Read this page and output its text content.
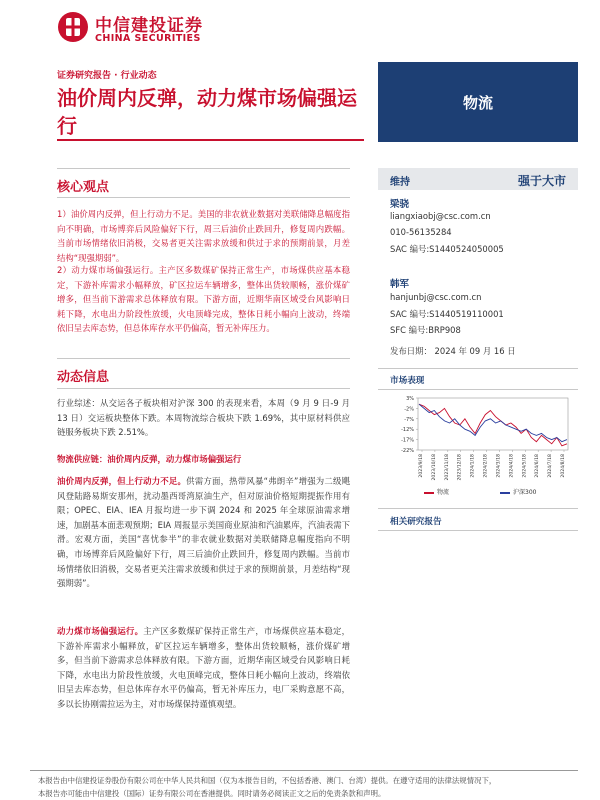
中信建投证券
CHINA SECURITIES
证券研究报告 · 行业动态
油价周内反弹，动力煤市场偏强运行
物流
核心观点
1）油价周内反弹，但上行动力不足。美国的非农就业数据对美联储降息幅度指向不明确，市场博弈后风险偏好下行，周三后油价止跌回升，修复周内跌幅。当前市场情绪依旧消极，交易者更关注需求放缓和供过于求的预期前景，月差结构“现强期弱”。
2）动力煤市场偏强运行。主产区多数煤矿保持正常生产，市场煤供应基本稳定，下游补库需求小幅释放，矿区拉运车辆增多，整体出货较顺畅，涨价煤矿增多，但当前下游需求总体释放有限。下游方面，近期华南区域受台风影响日耗下降，水电出力阶段性放缓，火电顶峰完成，整体日耗小幅向上波动，终端依旧呈去库态势，但总体库存水平仍偏高，暂无补库压力。
动态信息
行业综述：从交运各子板块相对沪深 300 的表现来看，本周（9 月 9 日-9 月 13 日）交运板块整体下跌。本周物流综合板块下跌 1.69%，其中原材料供应链服务板块下跌 2.51%。
物流供应链：油价周内反弹，动力煤市场偏强运行
油价周内反弹，但上行动力不足。供需方面，热带风暴“弗朗辛”增强为二级飓风登陆路易斯安那州，扰动墨西哥湾原油生产，但对原油价格短期提振作用有限；OPEC、EIA、IEA 月报均进一步下调 2024 和 2025 年全球原油需求增速，加剧基本面悲观预期；EIA 周报显示美国商业原油和汽油累库，汽油表需下滑。宏观方面，美国“喜忧参半”的非农就业数据对美联储降息幅度指向不明确，市场博弈后风险偏好下行，周三后油价止跌回升，修复周内跌幅。当前市场情绪依旧消极，交易者更关注需求放缓和供过于求的预期前景，月差结构“现强期弱”。
动力煤市场偏强运行。主产区多数煤矿保持正常生产，市场煤供应基本稳定，下游补库需求小幅释放，矿区拉运车辆增多，整体出货较顺畅，涨价煤矿增多，但当前下游需求总体释放有限。下游方面，近期华南区域受台风影响日耗下降，水电出力阶段性放缓，火电顶峰完成，整体日耗小幅向上波动，终端依旧呈去库态势，但总体库存水平仍偏高，暂无补库压力，电厂采购意愿不高，多以长协刚需拉运为主，对市场煤保持谨慎观望。
维持	强于大市
梁骁
liangxiaobj@csc.com.cn
010-56135284
SAC 编号:S1440524050005
韩军
hanjunbj@csc.com.cn
SAC 编号:S1440519110001
SFC 编号:BRP908
发布日期： 2024 年 09 月 16 日
市场表现
3%
-2%
-7%
-12%
-17%
-22%
2023/9/18 2023/10/18 2023/11/18 2023/12/18 2024/1/18 2024/2/18 2024/3/18 2024/4/18 2024/5/18 2024/6/18 2024/7/18 2024/8/18
物流	沪深300
相关研究报告
本报告由中信建投证券股份有限公司在中华人民共和国（仅为本报告目的，不包括香港、澳门、台湾）提供。在遵守适用的法律法规情况下，
本报告亦可能由中信建投（国际）证券有限公司在香港提供。同时请务必阅读正文之后的免责条款和声明。
